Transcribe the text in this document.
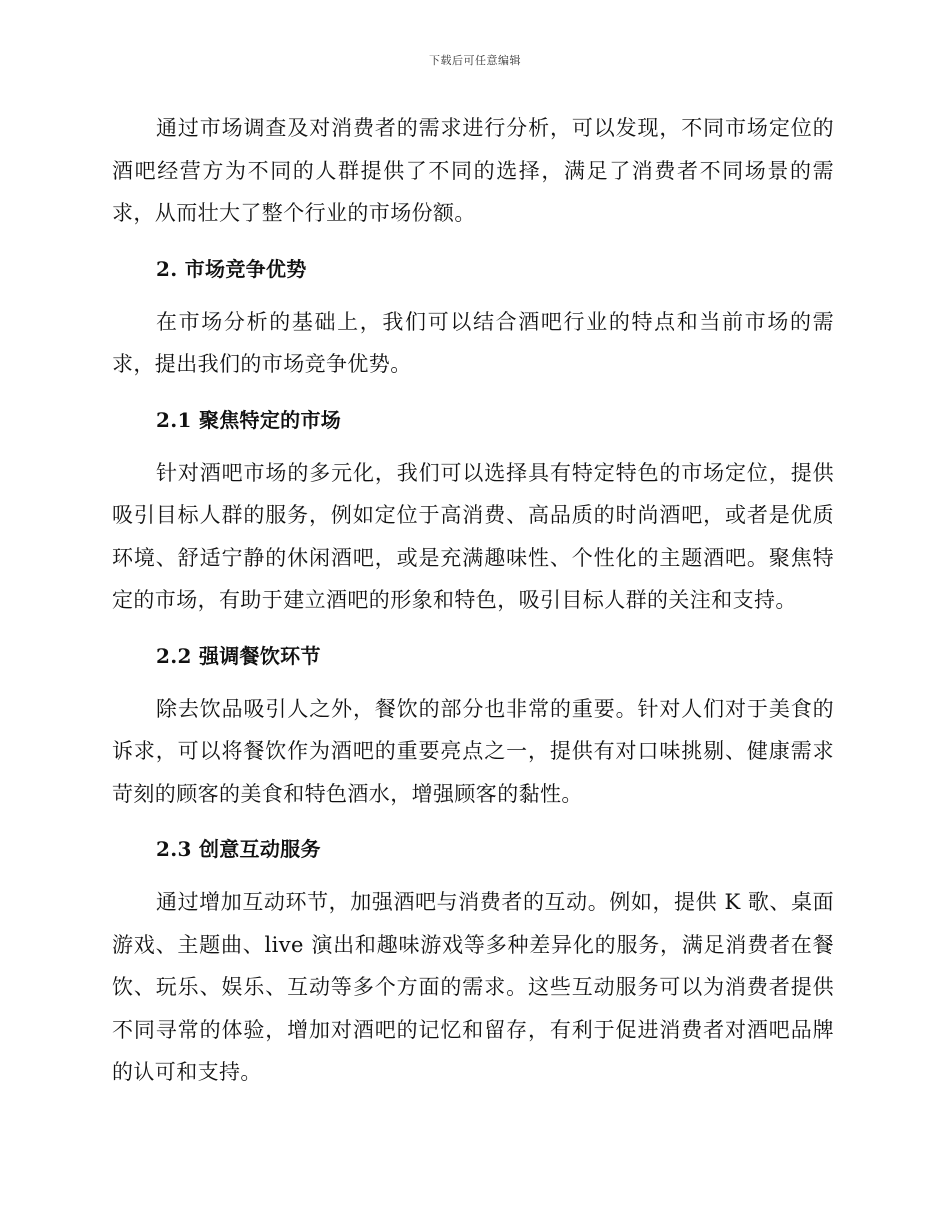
下载后可任意编辑

通过市场调查及对消费者的需求进行分析，可以发现，不同市场定位的酒吧经营方为不同的人群提供了不同的选择，满足了消费者不同场景的需求，从而壮大了整个行业的市场份额。

2. 市场竞争优势

在市场分析的基础上，我们可以结合酒吧行业的特点和当前市场的需求，提出我们的市场竞争优势。

2.1 聚焦特定的市场

针对酒吧市场的多元化，我们可以选择具有特定特色的市场定位，提供吸引目标人群的服务，例如定位于高消费、高品质的时尚酒吧，或者是优质环境、舒适宁静的休闲酒吧，或是充满趣味性、个性化的主题酒吧。聚焦特定的市场，有助于建立酒吧的形象和特色，吸引目标人群的关注和支持。

2.2 强调餐饮环节

除去饮品吸引人之外，餐饮的部分也非常的重要。针对人们对于美食的诉求，可以将餐饮作为酒吧的重要亮点之一，提供有对口味挑剔、健康需求苛刻的顾客的美食和特色酒水，增强顾客的黏性。

2.3 创意互动服务

通过增加互动环节，加强酒吧与消费者的互动。例如，提供 K 歌、桌面游戏、主题曲、live 演出和趣味游戏等多种差异化的服务，满足消费者在餐饮、玩乐、娱乐、互动等多个方面的需求。这些互动服务可以为消费者提供不同寻常的体验，增加对酒吧的记忆和留存，有利于促进消费者对酒吧品牌的认可和支持。
